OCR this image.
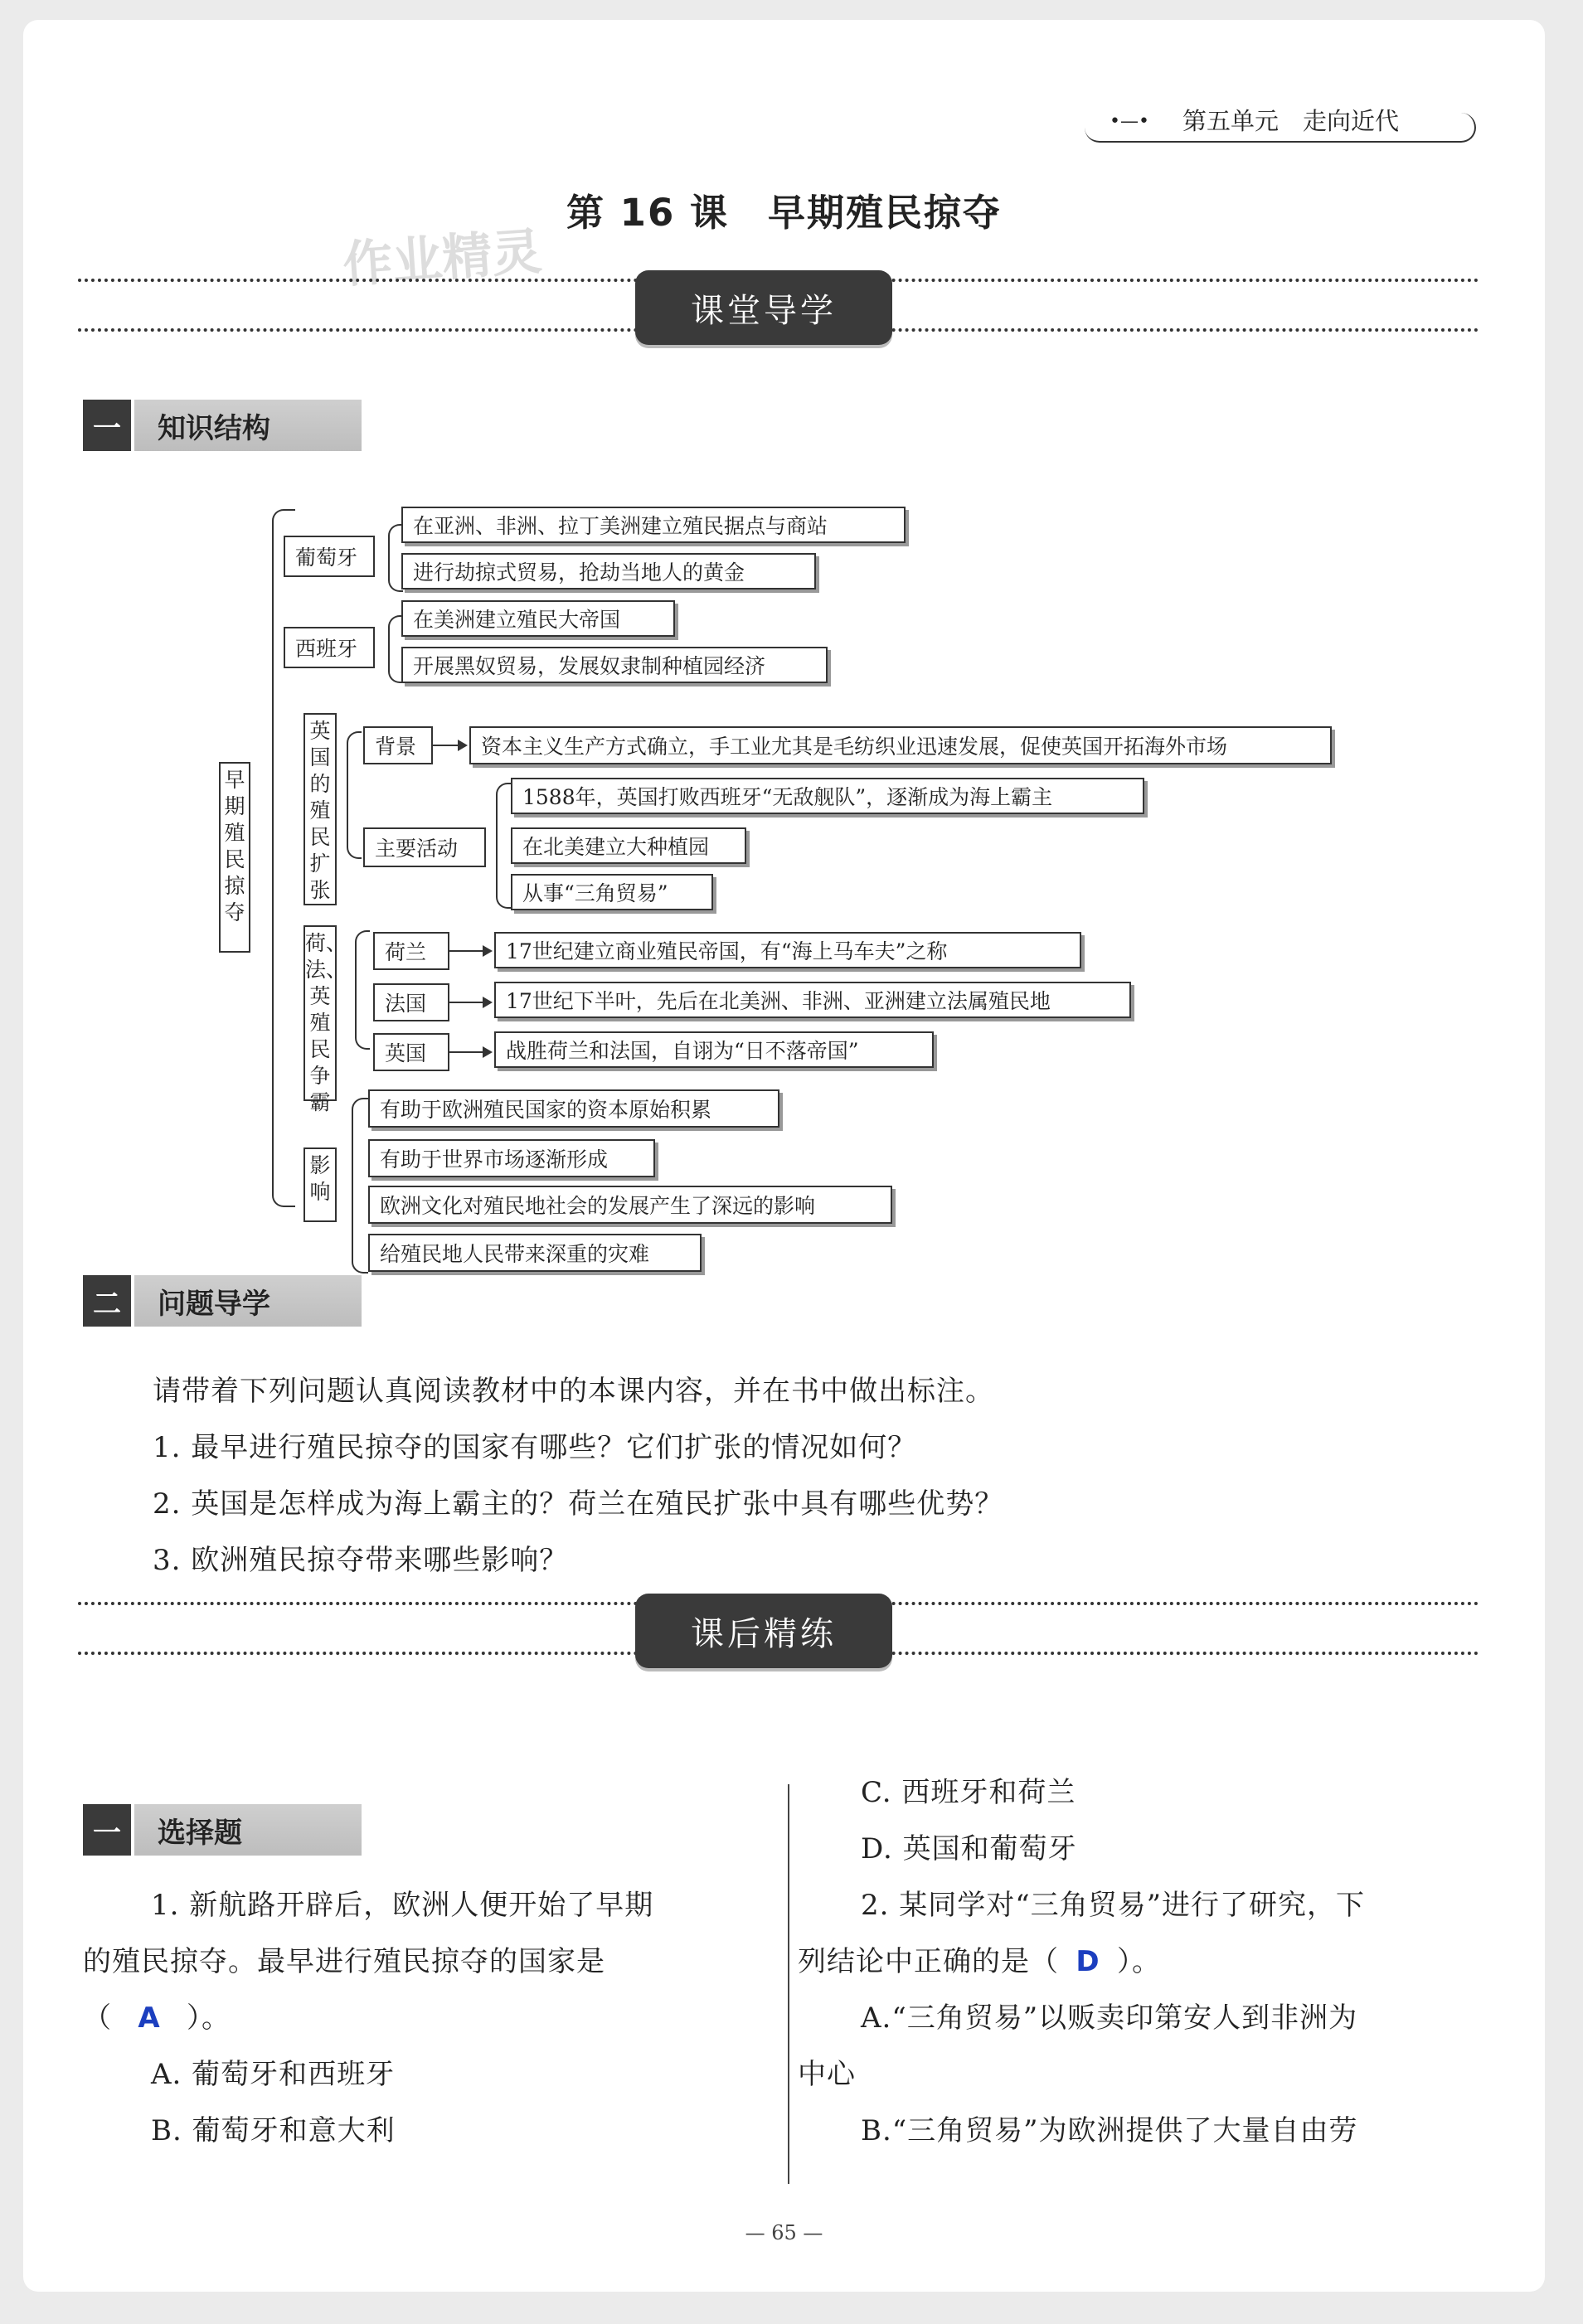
•—• 第五单元　 走向近代
第 16 课　早期殖民掠夺
作业精灵
课堂导学
一	知识结构
早期殖民掠夺
葡萄牙
在亚洲、非洲、拉丁美洲建立殖民据点与商站
进行劫掠式贸易，抢劫当地人的黄金
西班牙
在美洲建立殖民大帝国
开展黑奴贸易，发展奴隶制种植园经济
英国的殖民扩张
背景	资本主义生产方式确立，手工业尤其是毛纺织业迅速发展，促使英国开拓海外市场
主要活动
1588年，英国打败西班牙“无敌舰队”，逐渐成为海上霸主
在北美建立大种植园
从事“三角贸易”
荷、法、英殖民争霸
荷兰	17世纪建立商业殖民帝国，有“海上马车夫”之称
法国	17世纪下半叶，先后在北美洲、非洲、亚洲建立法属殖民地
英国	战胜荷兰和法国，自诩为“日不落帝国”
影响
有助于欧洲殖民国家的资本原始积累
有助于世界市场逐渐形成
欧洲文化对殖民地社会的发展产生了深远的影响
给殖民地人民带来深重的灾难
二	问题导学
请带着下列问题认真阅读教材中的本课内容，并在书中做出标注。
1. 最早进行殖民掠夺的国家有哪些？它们扩张的情况如何？
2. 英国是怎样成为海上霸主的？荷兰在殖民扩张中具有哪些优势？
3. 欧洲殖民掠夺带来哪些影响？
课后精练
一	选择题
1. 新航路开辟后，欧洲人便开始了早期
的殖民掠夺。最早进行殖民掠夺的国家是
（ A ）。
A. 葡萄牙和西班牙
B. 葡萄牙和意大利
C. 西班牙和荷兰
D. 英国和葡萄牙
2. 某同学对“三角贸易”进行了研究，下
列结论中正确的是（ D ）。
A.“三角贸易”以贩卖印第安人到非洲为
中心
B.“三角贸易”为欧洲提供了大量自由劳
— 65 —
